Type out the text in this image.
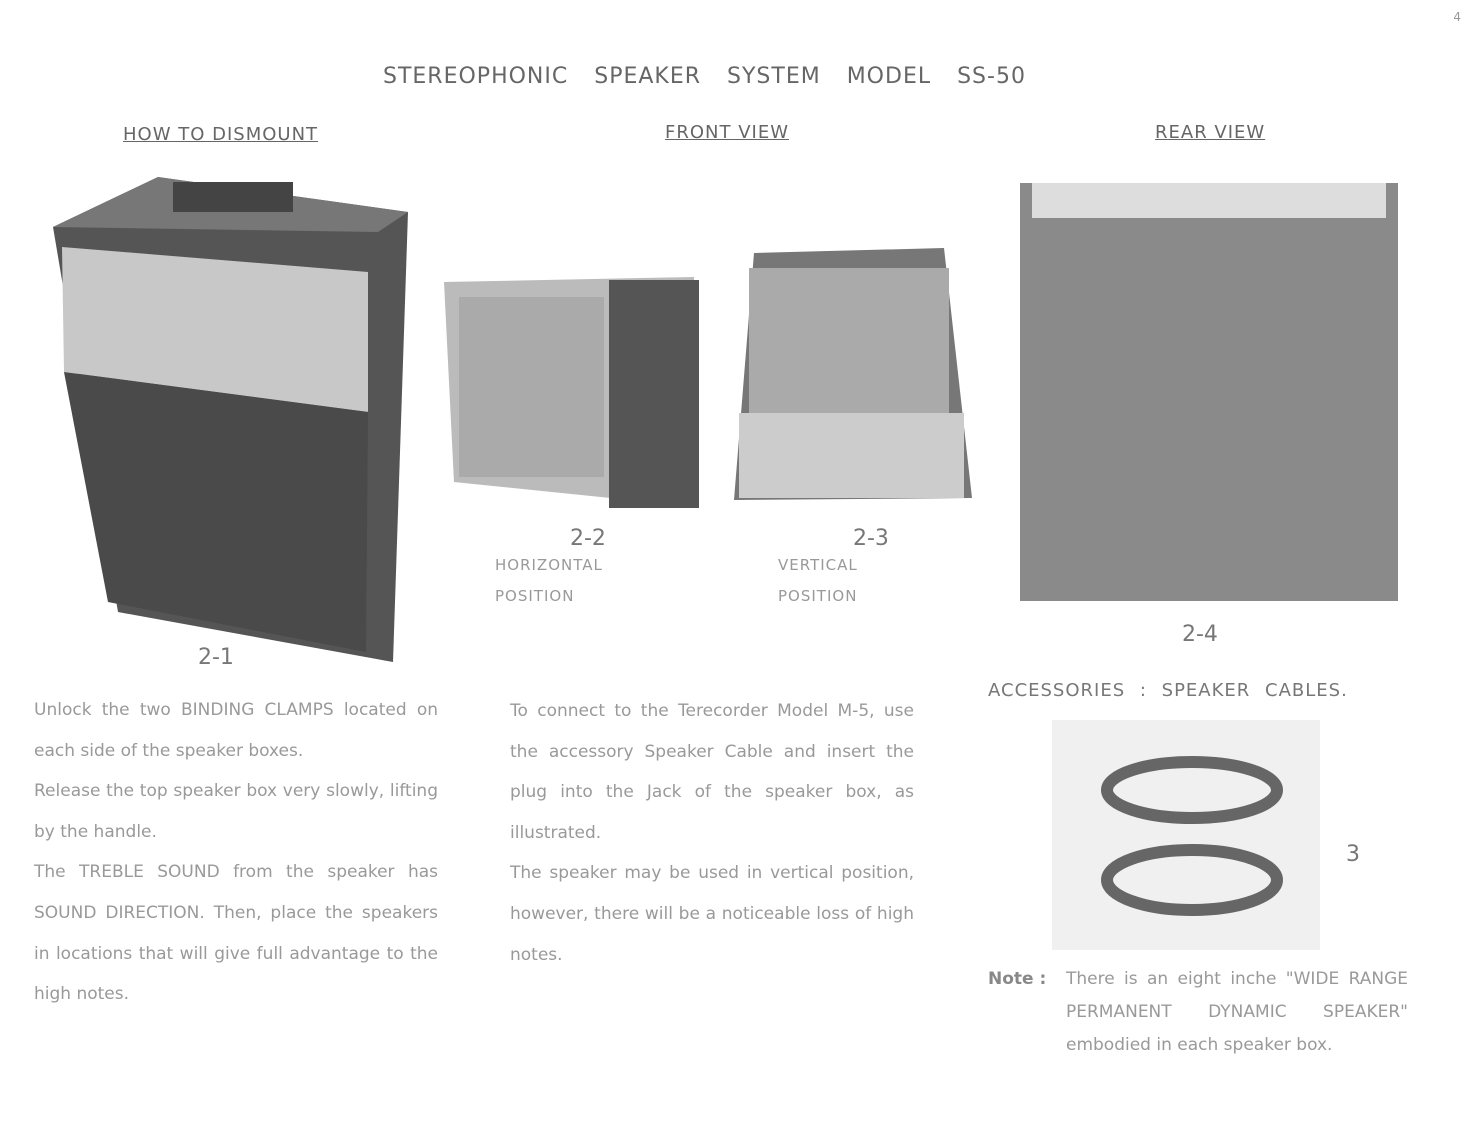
4
STEREOPHONIC SPEAKER SYSTEM MODEL SS-50
HOW TO DISMOUNT	FRONT VIEW	REAR VIEW
2-1
2-2
HORIZONTAL
POSITION
2-3
VERTICAL
POSITION
2-4
ACCESSORIES : SPEAKER CABLES.
3

Unlock the two BINDING CLAMPS located on each side of the speaker boxes.

Release the top speaker box very slowly, lifting by the handle.

The TREBLE SOUND from the speaker has SOUND DIRECTION. Then, place the speakers in locations that will give full advantage to the high notes.

To connect to the Terecorder Model M-5, use the accessory Speaker Cable and insert the plug into the Jack of the speaker box, as illustrated.

The speaker may be used in vertical position, however, there will be a noticeable loss of high notes.

Note :	There is an eight inche "WIDE RANGE PERMANENT DYNAMIC SPEAKER" embodied in each speaker box.
